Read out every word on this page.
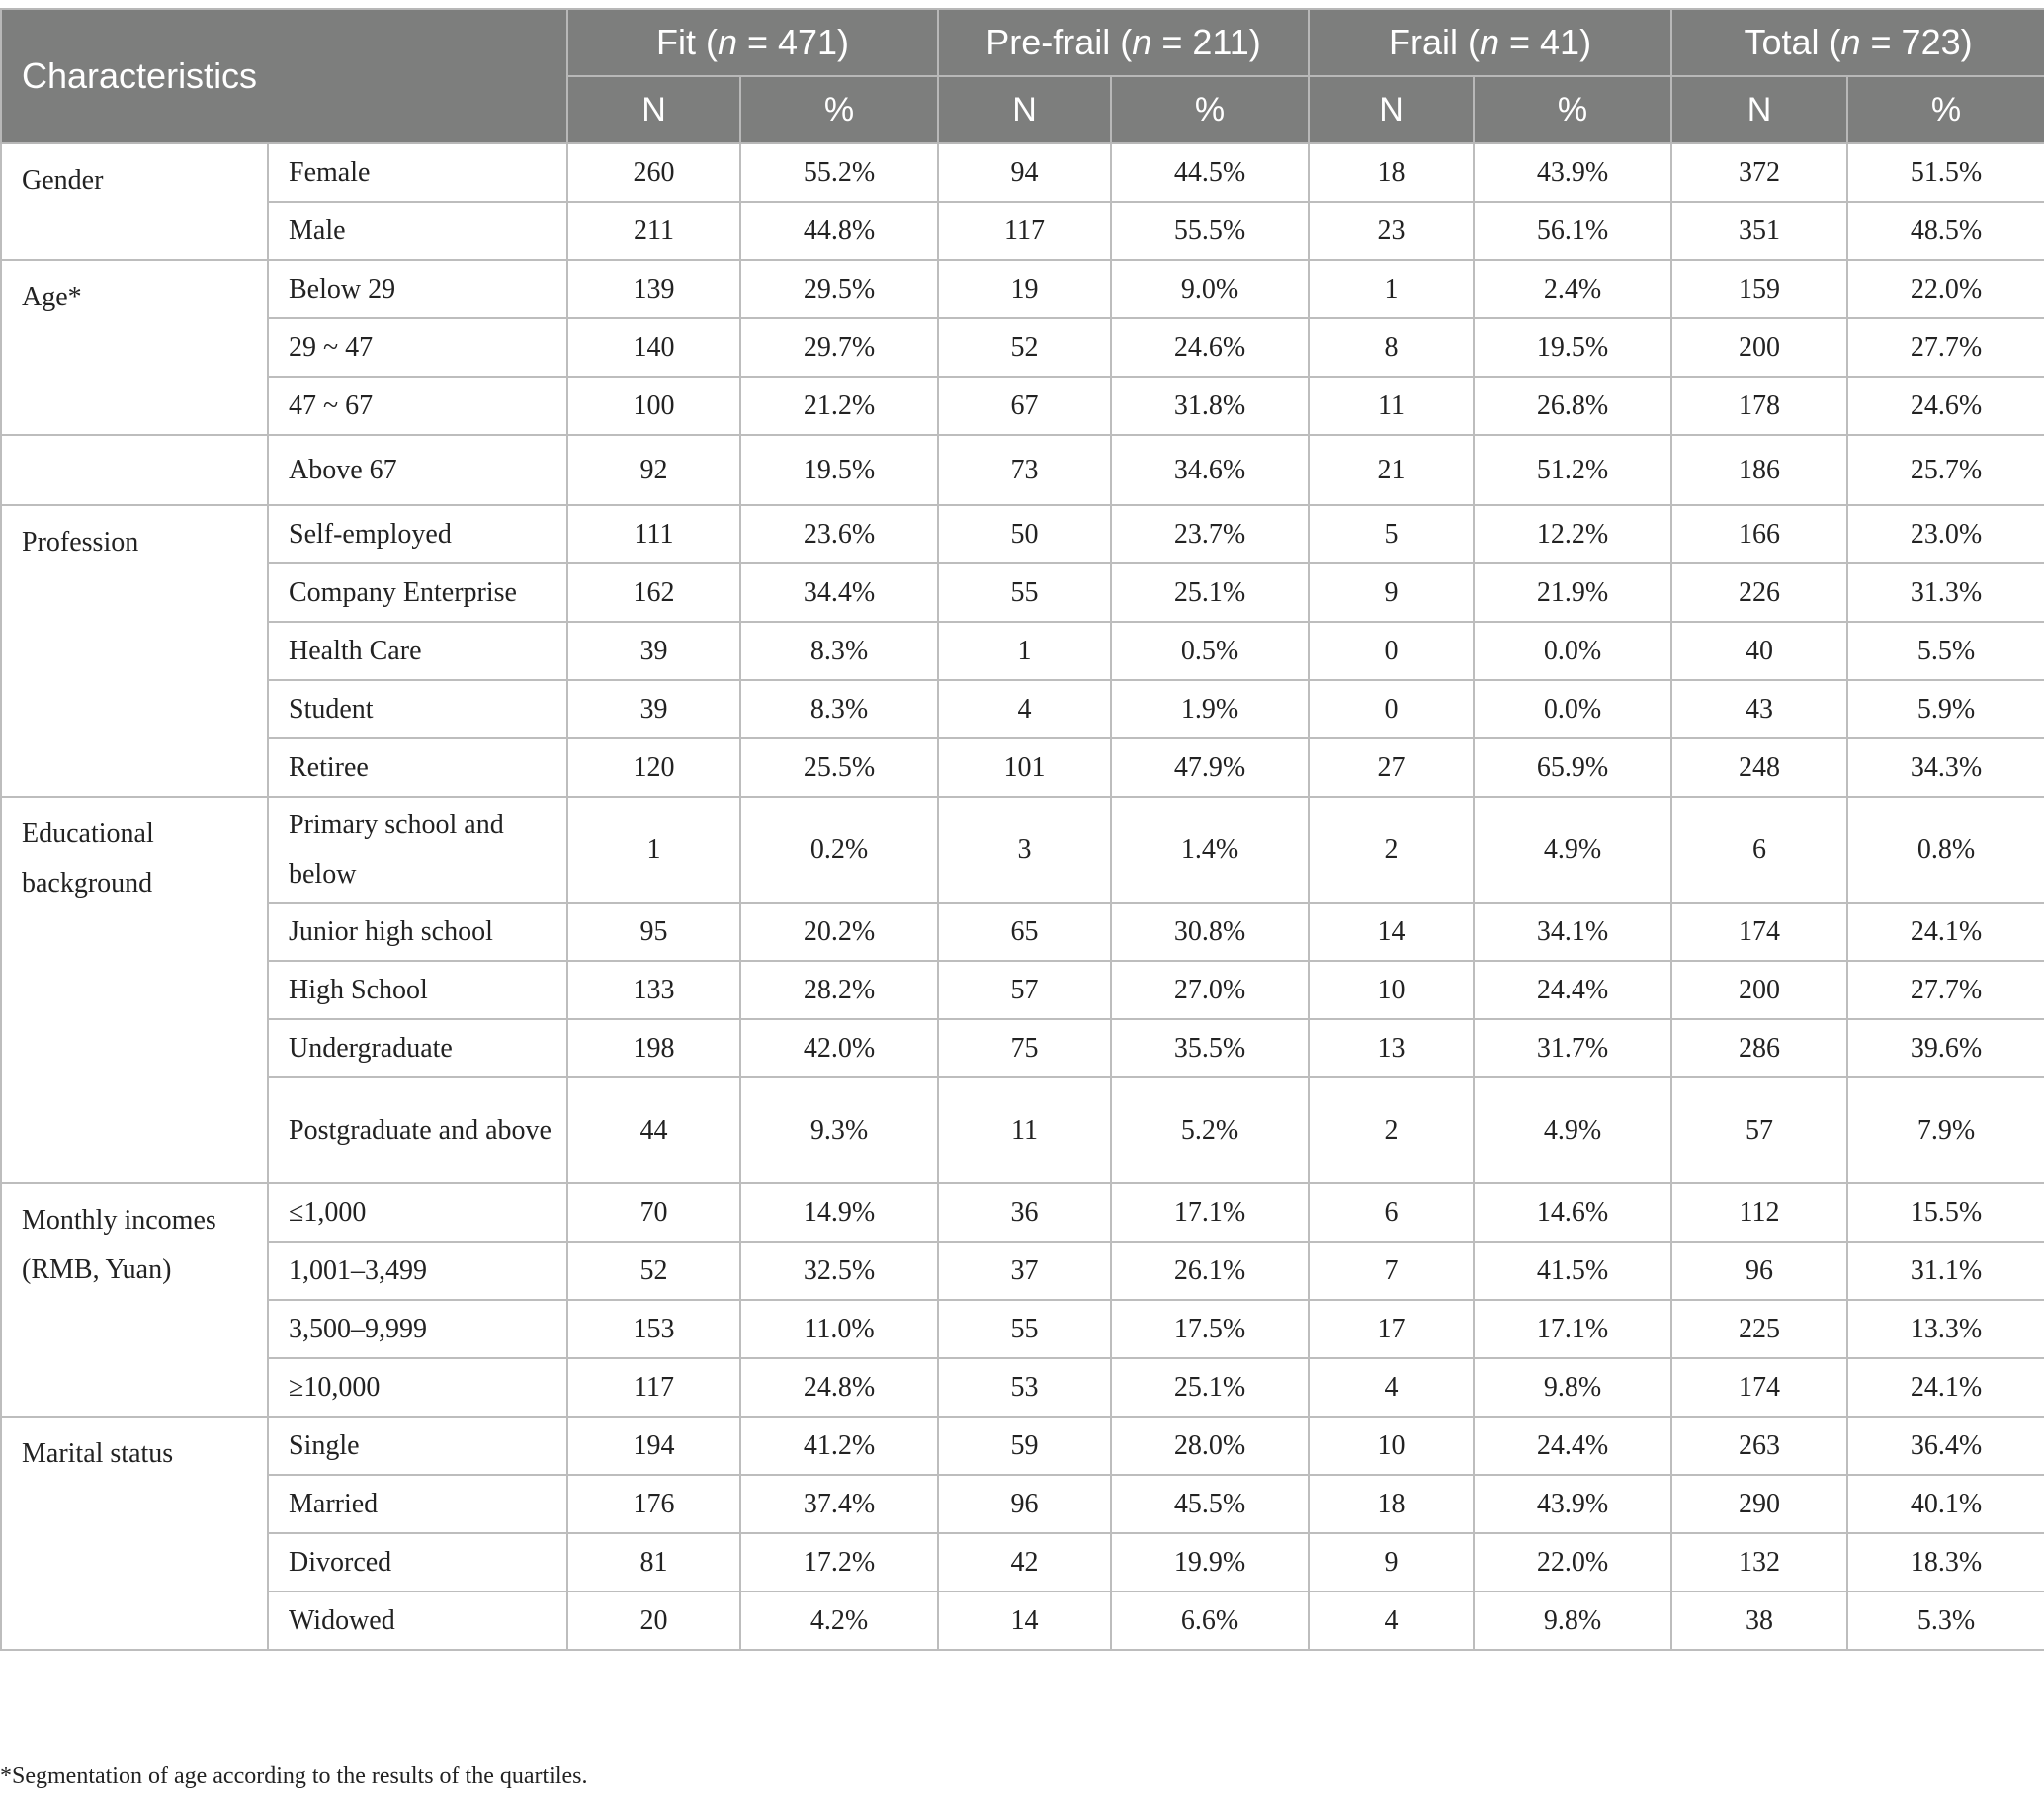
Characteristics		Fit (n = 471)		Pre-frail (n = 211)		Frail (n = 41)		Total (n = 723)	
		N	%	N	%	N	%	N	%
Gender	Female	260	55.2%	94	44.5%	18	43.9%	372	51.5%
	Male	211	44.8%	117	55.5%	23	56.1%	351	48.5%
Age*	Below 29	139	29.5%	19	9.0%	1	2.4%	159	22.0%
	29 ~ 47	140	29.7%	52	24.6%	8	19.5%	200	27.7%
	47 ~ 67	100	21.2%	67	31.8%	11	26.8%	178	24.6%
	Above 67	92	19.5%	73	34.6%	21	51.2%	186	25.7%
Profession	Self-employed	111	23.6%	50	23.7%	5	12.2%	166	23.0%
	Company Enterprise	162	34.4%	55	25.1%	9	21.9%	226	31.3%
	Health Care	39	8.3%	1	0.5%	0	0.0%	40	5.5%
	Student	39	8.3%	4	1.9%	0	0.0%	43	5.9%
	Retiree	120	25.5%	101	47.9%	27	65.9%	248	34.3%
Educational background	Primary school and below	1	0.2%	3	1.4%	2	4.9%	6	0.8%
	Junior high school	95	20.2%	65	30.8%	14	34.1%	174	24.1%
	High School	133	28.2%	57	27.0%	10	24.4%	200	27.7%
	Undergraduate	198	42.0%	75	35.5%	13	31.7%	286	39.6%
	Postgraduate and above	44	9.3%	11	5.2%	2	4.9%	57	7.9%
Monthly incomes (RMB, Yuan)	≤1,000	70	14.9%	36	17.1%	6	14.6%	112	15.5%
	1,001–3,499	52	32.5%	37	26.1%	7	41.5%	96	31.1%
	3,500–9,999	153	11.0%	55	17.5%	17	17.1%	225	13.3%
	≥10,000	117	24.8%	53	25.1%	4	9.8%	174	24.1%
Marital status	Single	194	41.2%	59	28.0%	10	24.4%	263	36.4%
	Married	176	37.4%	96	45.5%	18	43.9%	290	40.1%
	Divorced	81	17.2%	42	19.9%	9	22.0%	132	18.3%
	Widowed	20	4.2%	14	6.6%	4	9.8%	38	5.3%
*Segmentation of age according to the results of the quartiles.
